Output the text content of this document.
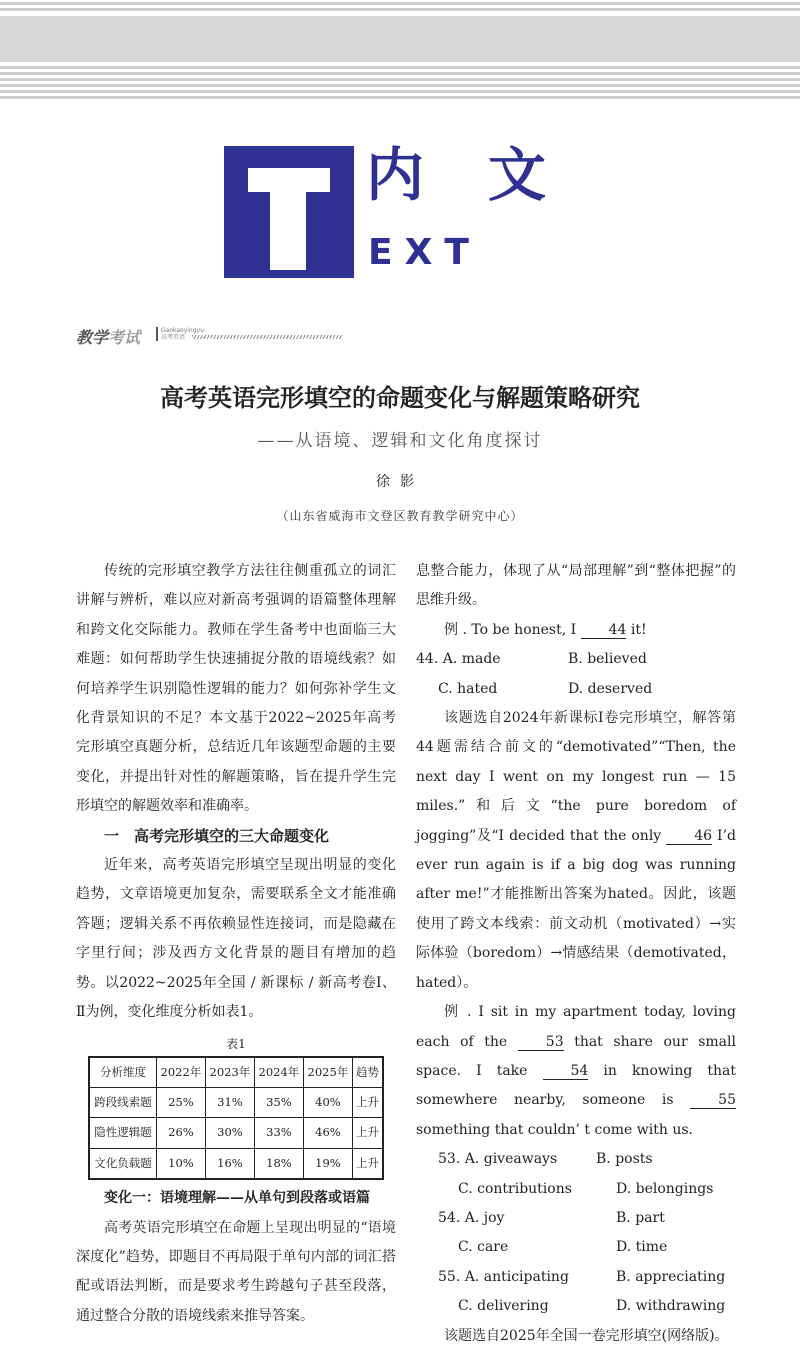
内文
EXT
教学考试	Gaokaoyingyu
高考英语
高考英语完形填空的命题变化与解题策略研究
——从语境、逻辑和文化角度探讨
徐影
（山东省威海市文登区教育教学研究中心）

传统的完形填空教学方法往往侧重孤立的词汇讲解与辨析，难以应对新高考强调的语篇整体理解和跨文化交际能力。教师在学生备考中也面临三大难题：如何帮助学生快速捕捉分散的语境线索？如何培养学生识别隐性逻辑的能力？如何弥补学生文化背景知识的不足？本文基于2022~2025年高考完形填空真题分析，总结近几年该题型命题的主要变化，并提出针对性的解题策略，旨在提升学生完形填空的解题效率和准确率。

一　高考完形填空的三大命题变化

近年来，高考英语完形填空呈现出明显的变化趋势，文章语境更加复杂，需要联系全文才能准确答题；逻辑关系不再依赖显性连接词，而是隐藏在字里行间；涉及西方文化背景的题目有增加的趋势。以2022~2025年全国 / 新课标 / 新高考卷Ⅰ、Ⅱ为例，变化维度分析如表1。

表1
分析维度	2022年	2023年	2024年	2025年	趋势
跨段线索题	25%	31%	35%	40%	上升
隐性逻辑题	26%	30%	33%	46%	上升
文化负载题	10%	16%	18%	19%	上升
变化一：语境理解——从单句到段落或语篇

高考英语完形填空在命题上呈现出明显的“语境深度化”趋势，即题目不再局限于单句内部的词汇搭配或语法判断，而是要求考生跨越句子甚至段落，通过整合分散的语境线索来推导答案。

息整合能力，体现了从“局部理解”到“整体把握”的思维升级。

例 . To be honest, I 44 it!

44. A. made	B. believed
C. hated	D. deserved

该题选自2024年新课标Ⅰ卷完形填空，解答第44题需结合前文的“demotivated”“Then, the next day I went on my longest run — 15 miles.”和后文“the pure boredom of jogging”及“I decided that the only 46 I’d ever run again is if a big dog was running after me!”才能推断出答案为hated。因此，该题使用了跨文本线索：前文动机（motivated）→实际体验（boredom）→情感结果（demotivated，hated）。

例 . I sit in my apartment today, loving each of the 53 that share our small space. I take 54 in knowing that somewhere nearby, someone is 55 something that couldn’ t come with us.

53. A. giveaways	B. posts
C. contributions	D. belongings
54. A. joy	B. part
C. care	D. time
55. A. anticipating	B. appreciating
C. delivering	D. withdrawing

该题选自2025年全国一卷完形填空(网络版)。
